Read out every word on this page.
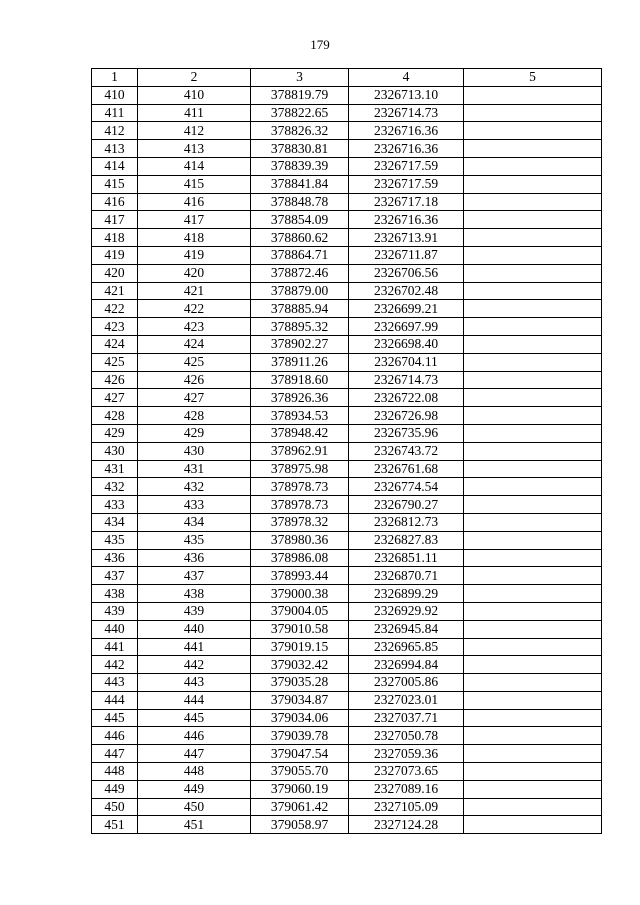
179
1	2	3	4	5
410	410	378819.79	2326713.10	
411	411	378822.65	2326714.73	
412	412	378826.32	2326716.36	
413	413	378830.81	2326716.36	
414	414	378839.39	2326717.59	
415	415	378841.84	2326717.59	
416	416	378848.78	2326717.18	
417	417	378854.09	2326716.36	
418	418	378860.62	2326713.91	
419	419	378864.71	2326711.87	
420	420	378872.46	2326706.56	
421	421	378879.00	2326702.48	
422	422	378885.94	2326699.21	
423	423	378895.32	2326697.99	
424	424	378902.27	2326698.40	
425	425	378911.26	2326704.11	
426	426	378918.60	2326714.73	
427	427	378926.36	2326722.08	
428	428	378934.53	2326726.98	
429	429	378948.42	2326735.96	
430	430	378962.91	2326743.72	
431	431	378975.98	2326761.68	
432	432	378978.73	2326774.54	
433	433	378978.73	2326790.27	
434	434	378978.32	2326812.73	
435	435	378980.36	2326827.83	
436	436	378986.08	2326851.11	
437	437	378993.44	2326870.71	
438	438	379000.38	2326899.29	
439	439	379004.05	2326929.92	
440	440	379010.58	2326945.84	
441	441	379019.15	2326965.85	
442	442	379032.42	2326994.84	
443	443	379035.28	2327005.86	
444	444	379034.87	2327023.01	
445	445	379034.06	2327037.71	
446	446	379039.78	2327050.78	
447	447	379047.54	2327059.36	
448	448	379055.70	2327073.65	
449	449	379060.19	2327089.16	
450	450	379061.42	2327105.09	
451	451	379058.97	2327124.28	
